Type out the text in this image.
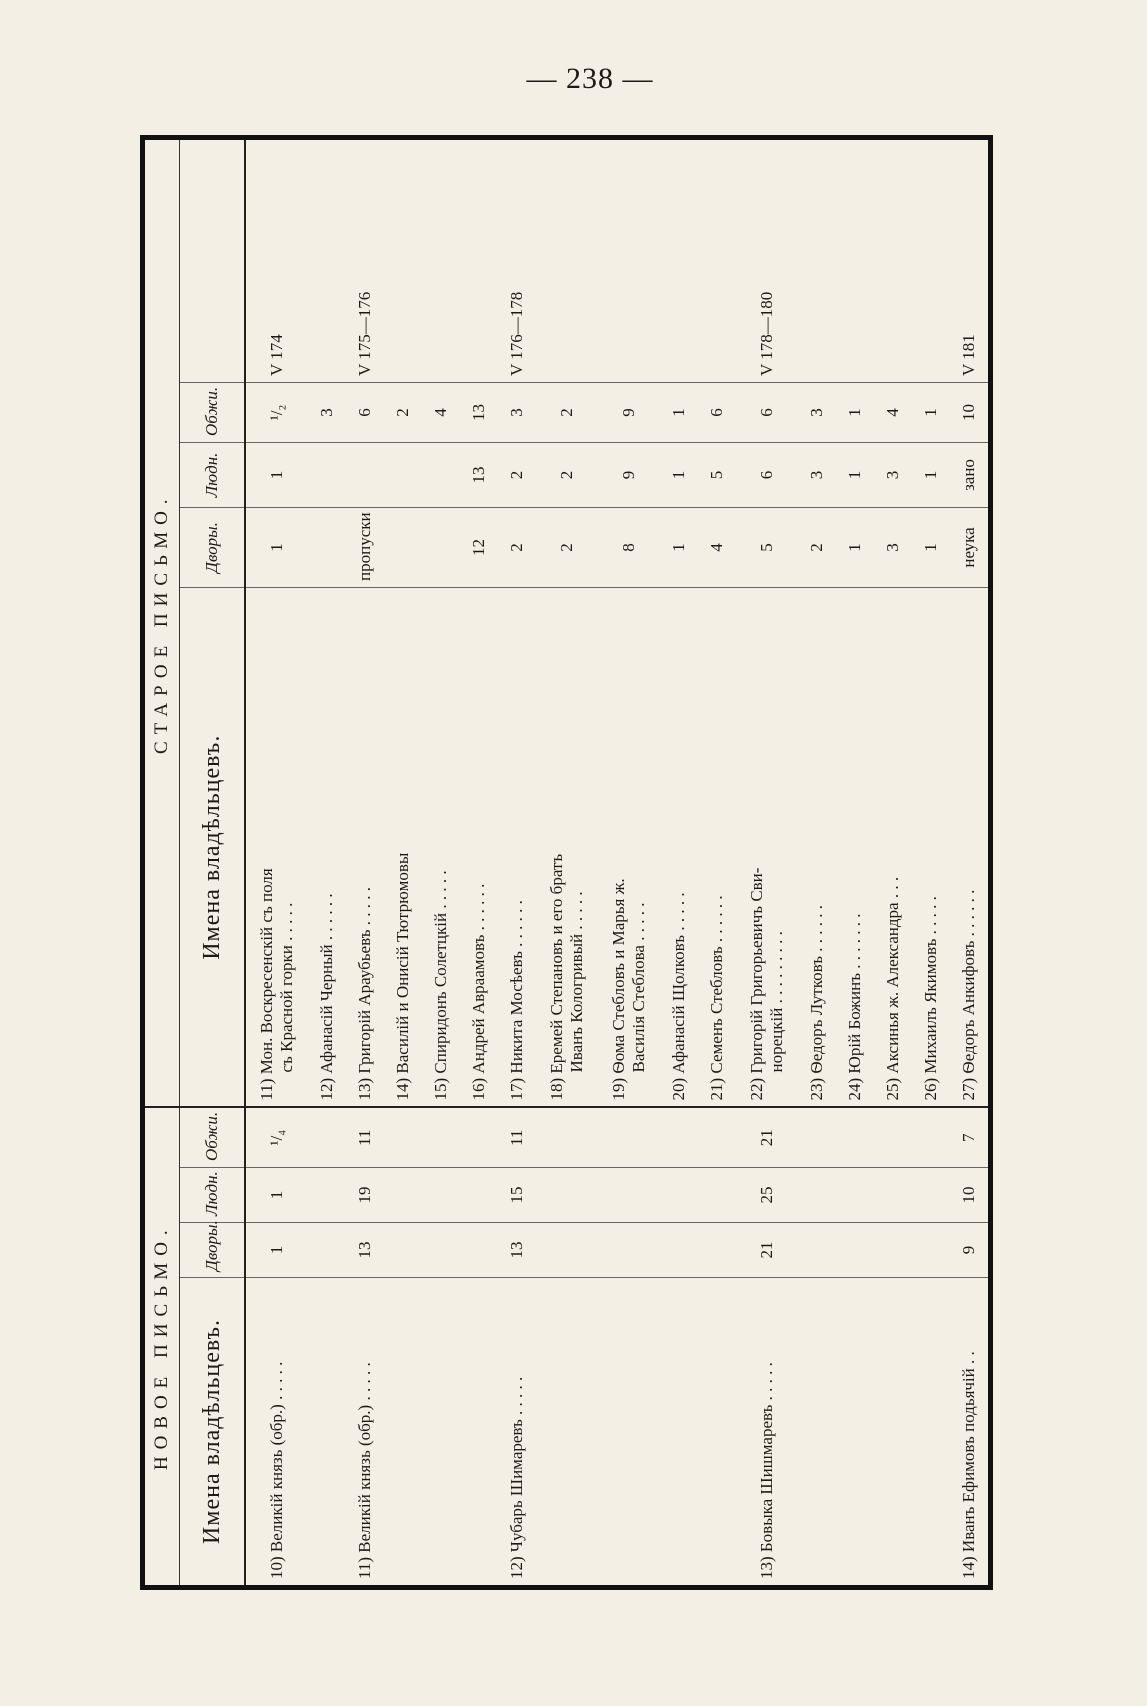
— 238 —
НОВОЕ ПИСЬМО.				СТАРОЕ ПИСЬМО.				
Имена владѣльцевъ.	Дворы.	Людн.	Обжи.	Имена владѣльцевъ.	Дворы.	Людн.	Обжи.	
10) Великій князь (обр.) . . . . .	1	1	¹/₄	11) Мон. Воскресенскій съ поля съ Красной горки . . . . .	1	1	¹/₂	V 174
				12) Афанасій Черный . . . . . .			3	
11) Великій князь (обр.) . . . . .	13	19	11	13) Григорій Араубьевъ . . . . .	пропуски		6	V 175—176
				14) Василій и Онисій Тютрюмовы			2	
				15) Спиридонъ Солетцкій . . . . .			4	
				16) Андрей Авраамовъ . . . . . .	12	13	13	
12) Чубарь Шимаревъ . . . . .	13	15	11	17) Никита Мосѣевъ . . . . . .	2	2	3	V 176—178
				18) Еремей Степановъ и его братъ Иванъ Кологривый . . . . .	2	2	2	
				19) Ѳома Стебловъ и Марья ж. Василія Стеблова . . . . .	8	9	9	
				20) Афанасій Щолковъ . . . . .	1	1	1	
				21) Семенъ Стебловъ . . . . . .	4	5	6	
13) Бовыка Шишмаревъ . . . . .	21	25	21	22) Григорій Григорьевичъ Сви- норецкій . . . . . . . . .	5	6	6	V 178—180
				23) Ѳедоръ Лутковъ . . . . . .	2	3	3	
				24) Юрій Божинъ . . . . . . .	1	1	1	
				25) Аксинья ж. Александра . . .	3	3	4	
				26) Михаилъ Якимовъ . . . . .	1	1	1	
14) Иванъ Ефимовъ подьячій . .	9	10	7	27) Ѳедоръ Анкифовъ . . . . . .	неука	зано	10	V 181
